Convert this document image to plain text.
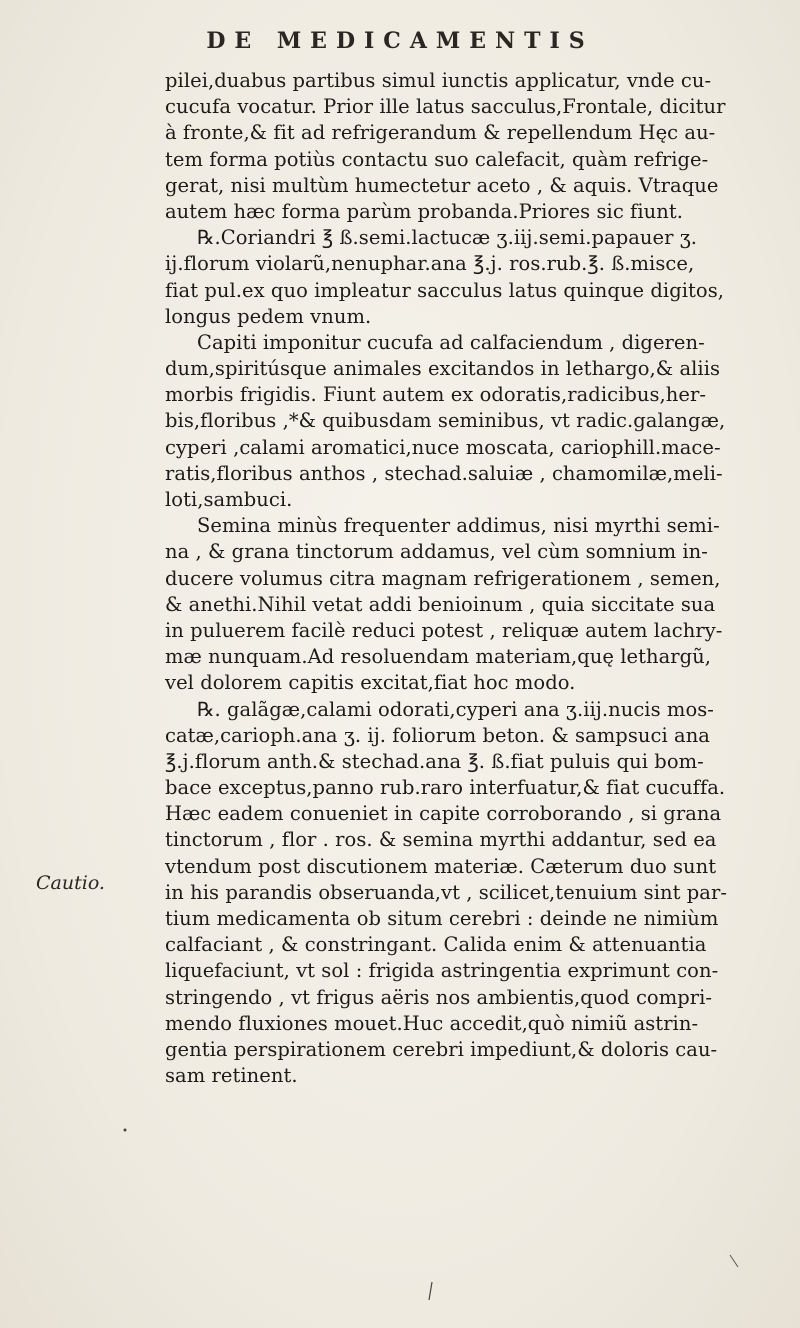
DE MEDICAMENTIS
pilei,duabus partibus simul iunctis applicatur, vnde cu-
cucufa vocatur. Prior ille latus sacculus,Frontale, dicitur
à fronte,& fit ad refrigerandum & repellendum Hęc au-
tem forma potiùs contactu suo calefacit, quàm refrige-
gerat, nisi multùm humectetur aceto , & aquis. Vtraque
autem hæc forma parùm probanda.Priores sic fiunt.
℞.Coriandri ℥ ß.semi.lactucæ ʒ.iij.semi.papauer ʒ.
ij.florum violarũ,nenuphar.ana ℥.j. ros.rub.℥. ß.misce,
fiat pul.ex quo impleatur sacculus latus quinque digitos,
longus pedem vnum.
Capiti imponitur cucufa ad calfaciendum , digeren-
dum,spiritúsque animales excitandos in lethargo,& aliis
morbis frigidis. Fiunt autem ex odoratis,radicibus,her-
bis,floribus ,*& quibusdam seminibus, vt radic.galangæ,
cyperi ,calami aromatici,nuce moscata, cariophill.mace-
ratis,floribus anthos , stechad.saluiæ , chamomilæ,meli-
loti,sambuci.
Semina minùs frequenter addimus, nisi myrthi semi-
na , & grana tinctorum addamus, vel cùm somnium in-
ducere volumus citra magnam refrigerationem , semen,
& anethi.Nihil vetat addi benioinum , quia siccitate sua
in puluerem facilè reduci potest , reliquæ autem lachry-
mæ nunquam.Ad resoluendam materiam,quę lethargũ,
vel dolorem capitis excitat,fiat hoc modo.
℞. galãgæ,calami odorati,cyperi ana ʒ.iij.nucis mos-
catæ,carioph.ana ʒ. ij. foliorum beton. & sampsuci ana
℥.j.florum anth.& stechad.ana ℥. ß.fiat puluis qui bom-
bace exceptus,panno rub.raro interfuatur,& fiat cucuffa.
Hæc eadem conueniet in capite corroborando , si grana
tinctorum , flor . ros. & semina myrthi addantur, sed ea
vtendum post discutionem materiæ. Cæterum duo sunt
in his parandis obseruanda,vt , scilicet,tenuium sint par-
tium medicamenta ob situm cerebri : deinde ne nimiùm
calfaciant , & constringant. Calida enim & attenuantia
liquefaciunt, vt sol : frigida astringentia exprimunt con-
stringendo , vt frigus aëris nos ambientis,quod compri-
mendo fluxiones mouet.Huc accedit,quò nimiũ astrin-
gentia perspirationem cerebri impediunt,& doloris cau-
sam retinent.
Cautio.
